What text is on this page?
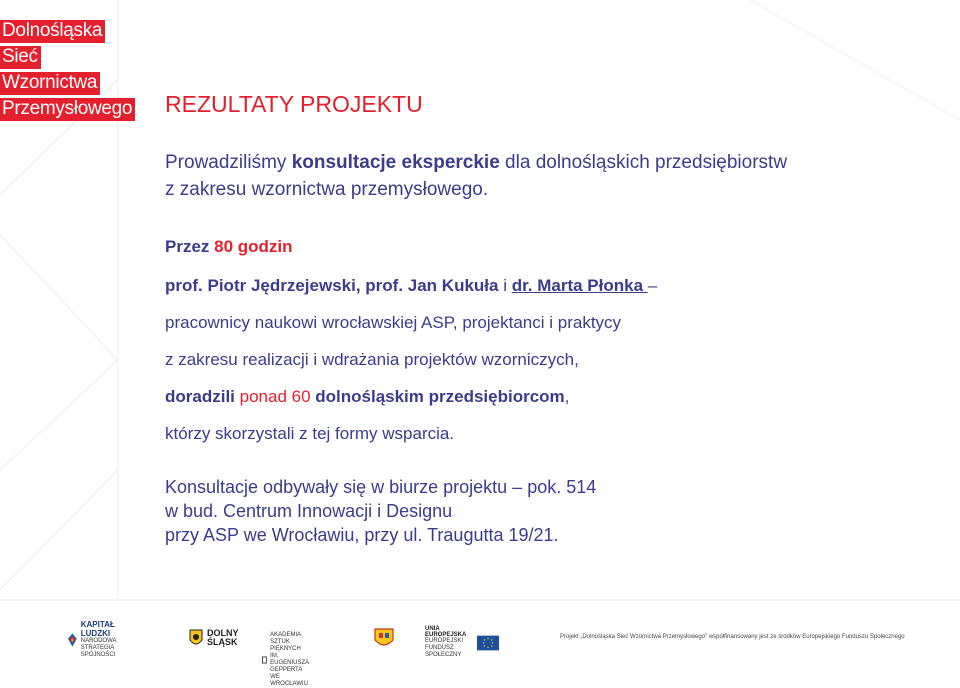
Dolnośląska
Sieć
Wzornictwa
Przemysłowego REZULTATY PROJEKTU
Prowadziliśmy konsultacje eksperckie dla dolnośląskich przedsiębiorstw
z zakresu wzornictwa przemysłowego.
Przez 80 godzin
prof. Piotr Jędrzejewski, prof. Jan Kukuła i dr. Marta Płonka –
pracownicy naukowi wrocławskiej ASP, projektanci i praktycy
z zakresu realizacji i wdrażania projektów wzorniczych,
doradzili ponad 60 dolnośląskim przedsiębiorcom,
którzy skorzystali z tej formy wsparcia.
Konsultacje odbywały się w biurze projektu – pok. 514
w bud. Centrum Innowacji i Designu
przy ASP we Wrocławiu, przy ul. Traugutta 19/21.
KAPITAŁ LUDZKI
NARODOWA STRATEGIA SPÓJNOŚCI
DOLNY
ŚLĄSK
AKADEMIA SZTUK PIĘKNYCH
IM. EUGENIUSZA GEPPERTA
WE WROCŁAWIU
UNIA EUROPEJSKA
EUROPEJSKI
FUNDUSZ SPOŁECZNY
Projekt „Dolnośląska Sieć Wzornictwa Przemysłowego" współfinansowany jest ze środków Europejskiego Funduszu Społecznego
